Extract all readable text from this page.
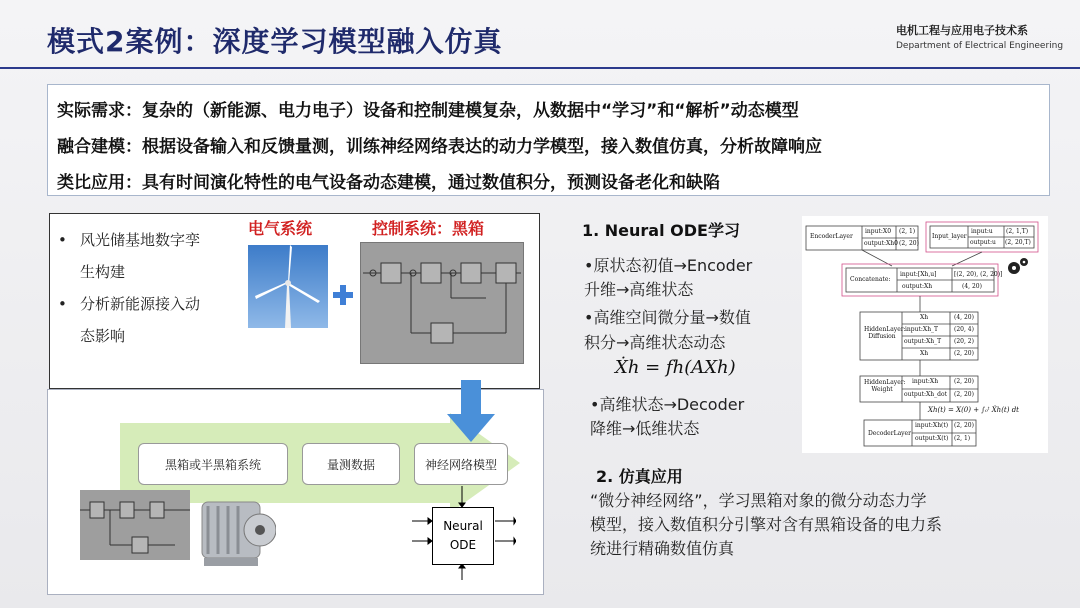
模式2案例：深度学习模型融入仿真	电机工程与应用电子技术系
Department of Electrical Engineering
实际需求：复杂的（新能源、电力电子）设备和控制建模复杂，从数据中“学习”和“解析”动态模型
融合建模：根据设备输入和反馈量测，训练神经网络表达的动力学模型，接入数值仿真，分析故障响应
类比应用：具有时间演化特性的电气设备动态建模，通过数值积分，预测设备老化和缺陷
• 风光储基地数字孪
生构建
• 分析新能源接入动
态影响
电气系统	控制系统：黑箱
黑箱或半黑箱系统	量测数据	神经网络模型
Neural
ODE
1. Neural ODE学习
•原状态初值→Encoder
升维→高维状态
•高维空间微分量→数值
积分→高维状态动态
Ẋh = fh(AXh)
•高维状态→Decoder
降维→低维状态
2. 仿真应用
“微分神经网络”，学习黑箱对象的微分动态力学
模型，接入数值积分引擎对含有黑箱设备的电力系
统进行精确数值仿真
EncoderLayer
input:X0 (2, 1)
output:Xh0 (2, 20)
Input_layer
input:u (2, 1,T)
output:u (2, 20,T)
Concatenate:
input:[Xh,u]	[(2, 20), (2, 20)]
output:Xh	(4, 20)
HiddenLayer: Diffusion
Xh	(4, 20)
input:Xh_T	(20, 4)
output:Xh_T (20, 2)
Xh	(2, 20)
HiddenLayer: Weight
input:Xh	(2, 20)
output:Xh_dot (2, 20)
Xh(t) = X(0) + ∫₀ᵗ Ẋh(t) dt
DecoderLayer
input:Xh(t) (2, 20)
output:X(t) (2, 1)
